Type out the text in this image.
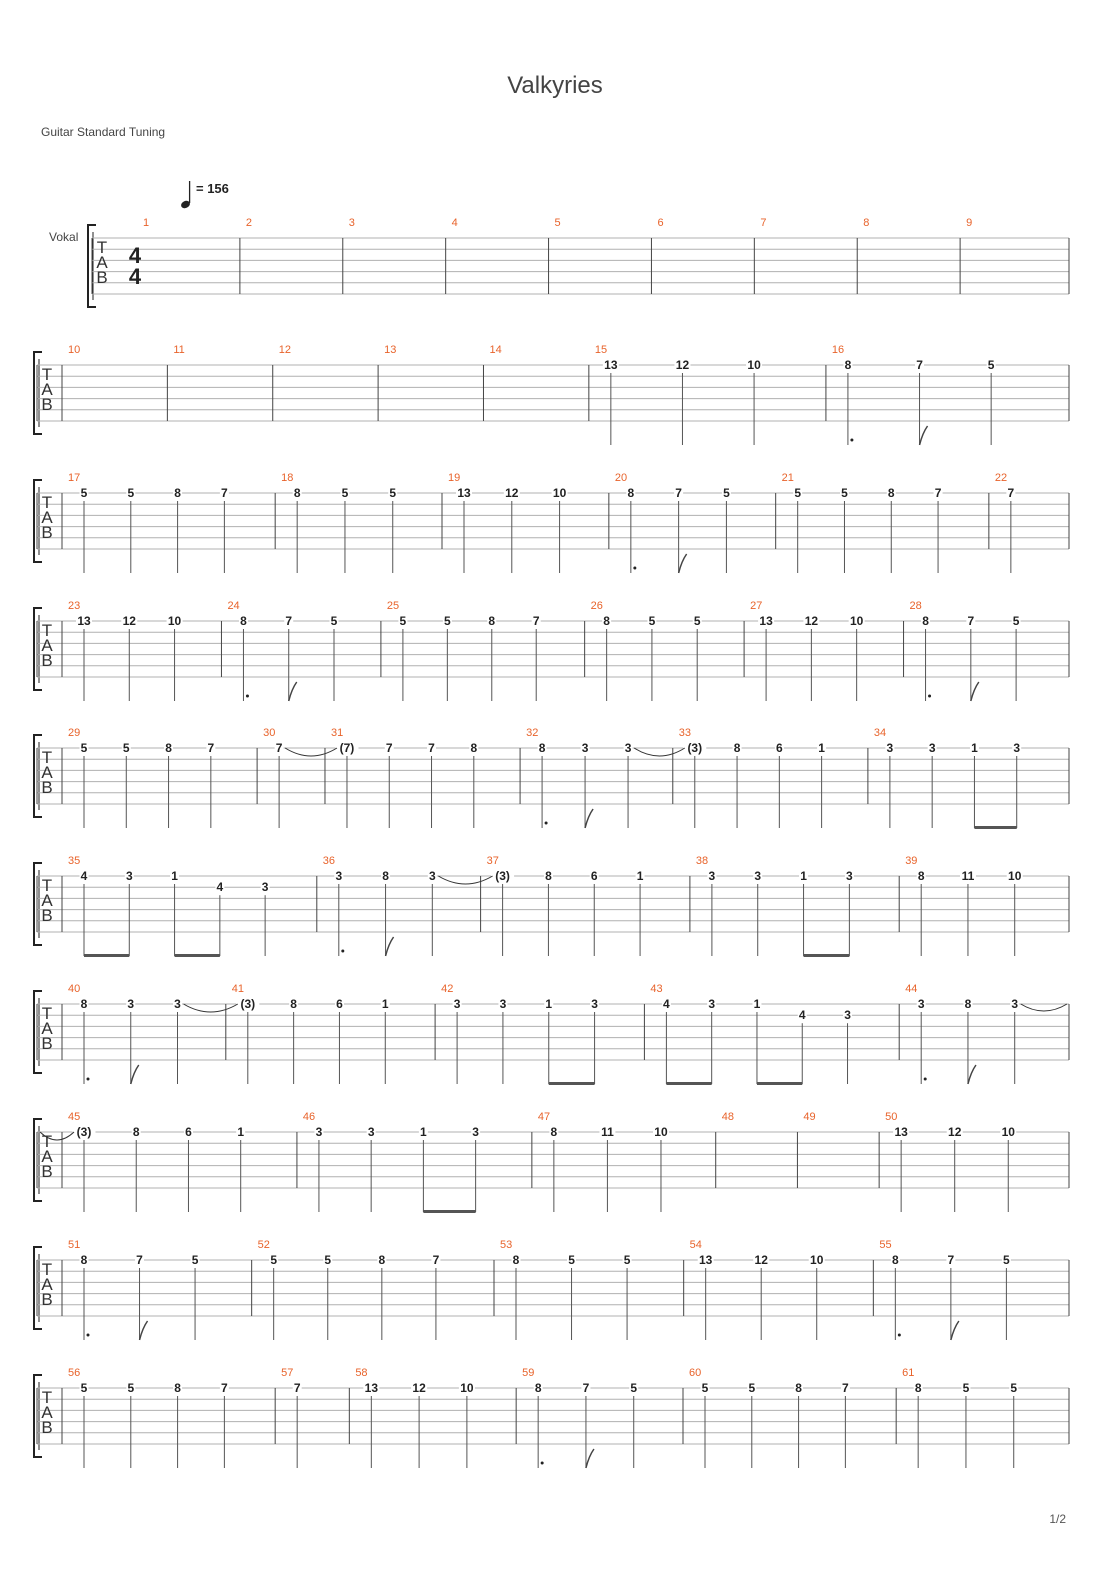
Valkyries
Guitar Standard Tuning
= 156
Vokal
T
A
B
4
4
1	2	3	4	5	6	7	8	9
T
A
B
10	11	12	13	14	15
13	12	10
16
8	7	5
T
A
B
17
5	5	8	7
18
8	5	5
19
13	12	10
20
8	7	5
21
5	5	8	7
22
7
T
A
B
23
13	12	10
24
8	7	5
25
5	5	8	7
26
8	5	5
27
13	12	10
28
8	7	5
T
A
B
29
5	5	8	7
30
7
31
(7)	7	7	8
32
8	3	3
33
(3)	8	6	1
34
3	3	1	3
T
A
B
35
4	3	1
4	3
36
3	8	3
37
(3)	8	6	1
38
3	3	1	3
39
8	11	10
T
A
B
40
8	3	3
41
(3)	8	6	1
42
3	3	1	3
43
4	3	1
4	3
44
3	8	3
T
A
B
45
(3)	8	6	1
46
3	3	1	3
47
8	11	10
48	49	50
13	12	10
T
A
B
51
8	7	5
52
5	5	8	7
53
8	5	5
54
13	12	10
55
8	7	5
T
A
B
56
5	5	8	7
57
7
58
13	12	10
59
8	7	5
60
5	5	8	7
61
8	5	5
1/2
